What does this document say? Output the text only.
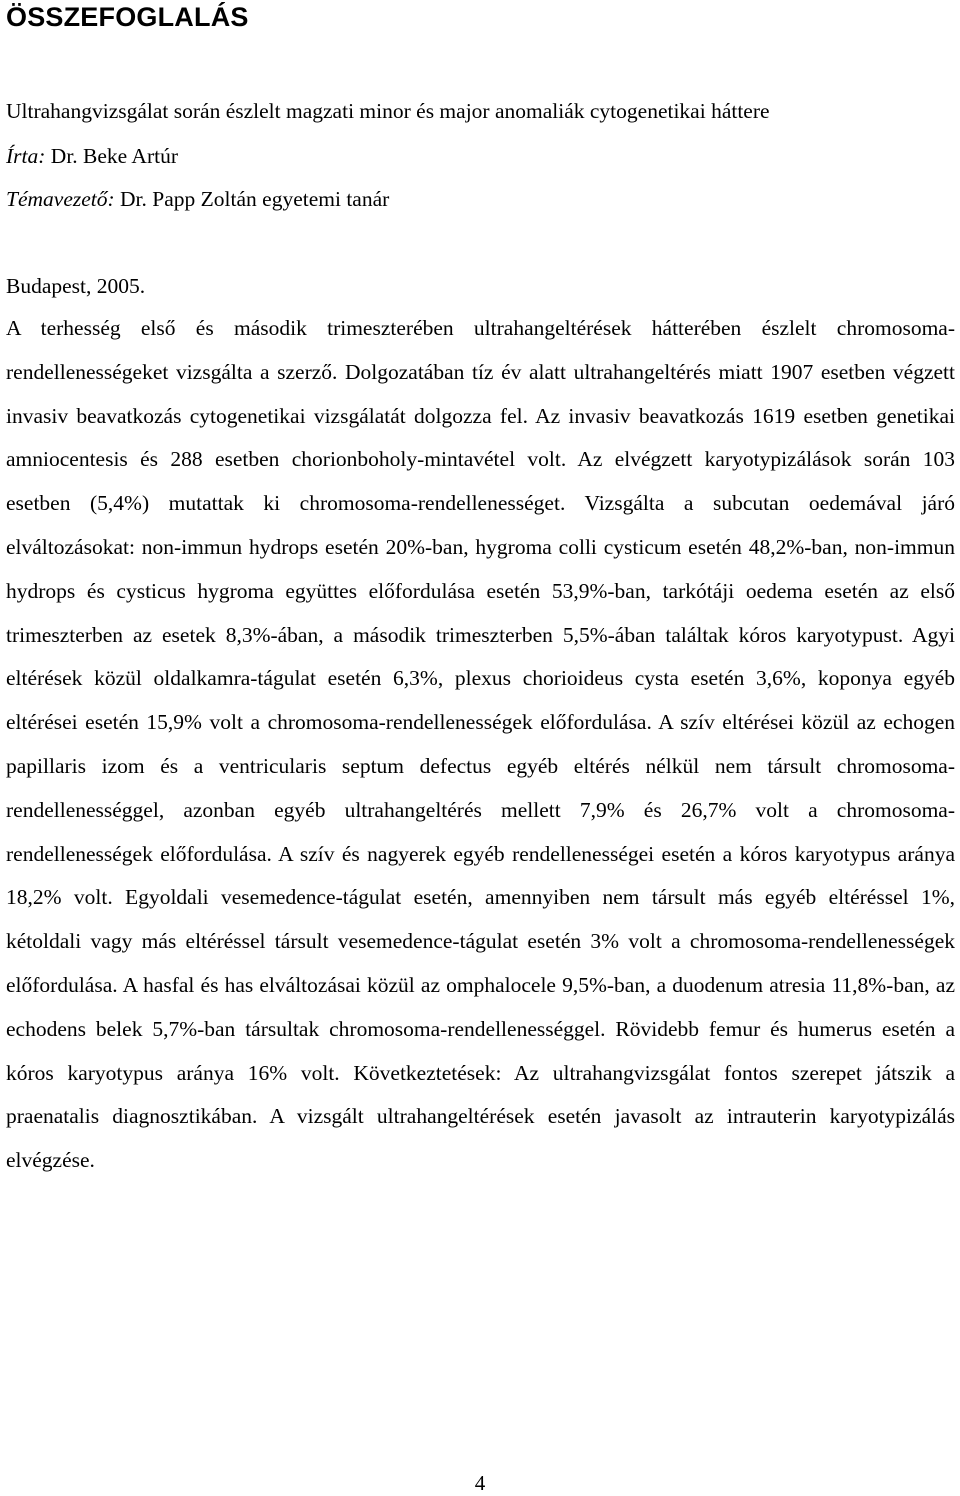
ÖSSZEFOGLALÁS
Ultrahangvizsgálat során észlelt magzati minor és major anomaliák cytogenetikai háttere
Írta: Dr. Beke Artúr
Témavezető: Dr. Papp Zoltán egyetemi tanár
Budapest, 2005.

A terhesség első és második trimeszterében ultrahangeltérések hátterében észlelt chromosoma-rendellenességeket vizsgálta a szerző. Dolgozatában tíz év alatt ultrahangeltérés miatt 1907 esetben végzett invasiv beavatkozás cytogenetikai vizsgálatát dolgozza fel. Az invasiv beavatkozás 1619 esetben genetikai amniocentesis és 288 esetben chorionboholy-mintavétel volt. Az elvégzett karyotypizálások során 103 esetben (5,4%) mutattak ki chromosoma-rendellenességet. Vizsgálta a subcutan oedemával járó elváltozásokat: non-immun hydrops esetén 20%-ban, hygroma colli cysticum esetén 48,2%-ban, non-immun hydrops és cysticus hygroma együttes előfordulása esetén 53,9%-ban, tarkótáji oedema esetén az első trimeszterben az esetek 8,3%-ában, a második trimeszterben 5,5%-ában találtak kóros karyotypust. Agyi eltérések közül oldalkamra-tágulat esetén 6,3%, plexus chorioideus cysta esetén 3,6%, koponya egyéb eltérései esetén 15,9% volt a chromosoma-rendellenességek előfordulása. A szív eltérései közül az echogen papillaris izom és a ventricularis septum defectus egyéb eltérés nélkül nem társult chromosoma-rendellenességgel, azonban egyéb ultrahangeltérés mellett 7,9% és 26,7% volt a chromosoma-rendellenességek előfordulása. A szív és nagyerek egyéb rendellenességei esetén a kóros karyotypus aránya 18,2% volt. Egyoldali vesemedence-tágulat esetén, amennyiben nem társult más egyéb eltéréssel 1%, kétoldali vagy más eltéréssel társult vesemedence-tágulat esetén 3% volt a chromosoma-rendellenességek előfordulása. A hasfal és has elváltozásai közül az omphalocele 9,5%-ban, a duodenum atresia 11,8%-ban, az echodens belek 5,7%-ban társultak chromosoma-rendellenességgel. Rövidebb femur és humerus esetén a kóros karyotypus aránya 16% volt. Következtetések: Az ultrahangvizsgálat fontos szerepet játszik a praenatalis diagnosztikában. A vizsgált ultrahangeltérések esetén javasolt az intrauterin karyotypizálás elvégzése.

4
